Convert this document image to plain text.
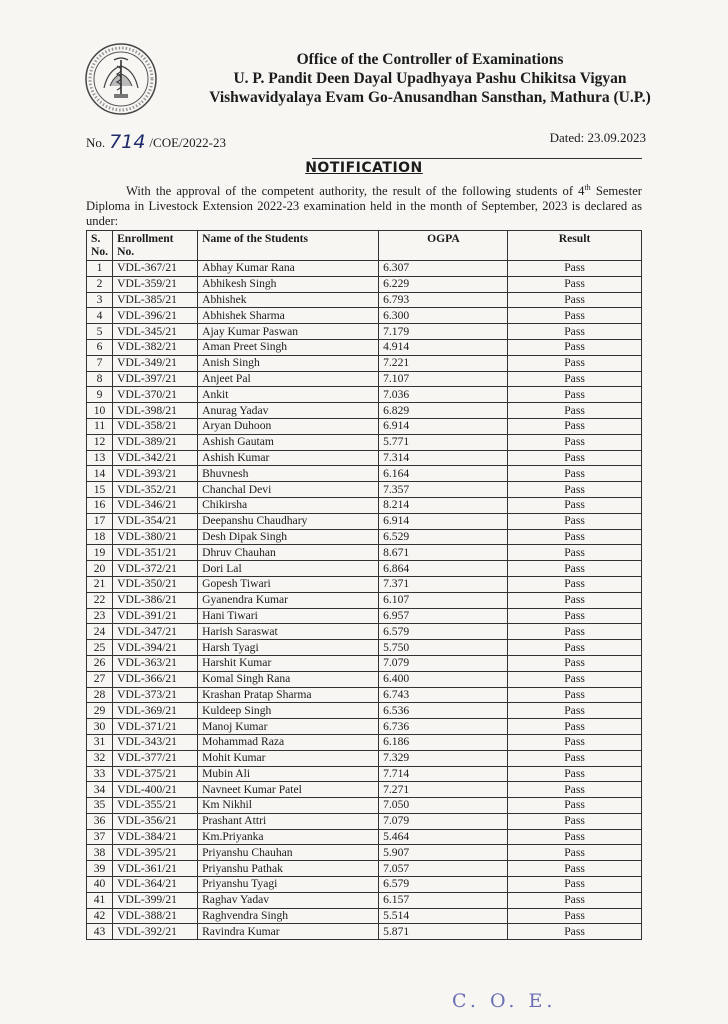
Office of the Controller of Examinations
U. P. Pandit Deen Dayal Upadhyaya Pashu Chikitsa Vigyan
Vishwavidyalaya Evam Go-Anusandhan Sansthan, Mathura (U.P.)
No. 714 /COE/2022-23	Dated: 23.09.2023
NOTIFICATION
With the approval of the competent authority, the result of the following students of 4th Semester Diploma in Livestock Extension 2022-23 examination held in the month of September, 2023 is declared as under:
S. No.	Enrollment No.	Name of the Students	OGPA	Result
1	VDL-367/21	Abhay Kumar Rana	6.307	Pass
2	VDL-359/21	Abhikesh Singh	6.229	Pass
3	VDL-385/21	Abhishek	6.793	Pass
4	VDL-396/21	Abhishek Sharma	6.300	Pass
5	VDL-345/21	Ajay Kumar Paswan	7.179	Pass
6	VDL-382/21	Aman Preet Singh	4.914	Pass
7	VDL-349/21	Anish Singh	7.221	Pass
8	VDL-397/21	Anjeet Pal	7.107	Pass
9	VDL-370/21	Ankit	7.036	Pass
10	VDL-398/21	Anurag Yadav	6.829	Pass
11	VDL-358/21	Aryan Duhoon	6.914	Pass
12	VDL-389/21	Ashish Gautam	5.771	Pass
13	VDL-342/21	Ashish Kumar	7.314	Pass
14	VDL-393/21	Bhuvnesh	6.164	Pass
15	VDL-352/21	Chanchal Devi	7.357	Pass
16	VDL-346/21	Chikirsha	8.214	Pass
17	VDL-354/21	Deepanshu Chaudhary	6.914	Pass
18	VDL-380/21	Desh Dipak Singh	6.529	Pass
19	VDL-351/21	Dhruv Chauhan	8.671	Pass
20	VDL-372/21	Dori Lal	6.864	Pass
21	VDL-350/21	Gopesh Tiwari	7.371	Pass
22	VDL-386/21	Gyanendra Kumar	6.107	Pass
23	VDL-391/21	Hani Tiwari	6.957	Pass
24	VDL-347/21	Harish Saraswat	6.579	Pass
25	VDL-394/21	Harsh Tyagi	5.750	Pass
26	VDL-363/21	Harshit Kumar	7.079	Pass
27	VDL-366/21	Komal Singh Rana	6.400	Pass
28	VDL-373/21	Krashan Pratap Sharma	6.743	Pass
29	VDL-369/21	Kuldeep Singh	6.536	Pass
30	VDL-371/21	Manoj Kumar	6.736	Pass
31	VDL-343/21	Mohammad Raza	6.186	Pass
32	VDL-377/21	Mohit Kumar	7.329	Pass
33	VDL-375/21	Mubin Ali	7.714	Pass
34	VDL-400/21	Navneet Kumar Patel	7.271	Pass
35	VDL-355/21	Km Nikhil	7.050	Pass
36	VDL-356/21	Prashant Attri	7.079	Pass
37	VDL-384/21	Km.Priyanka	5.464	Pass
38	VDL-395/21	Priyanshu Chauhan	5.907	Pass
39	VDL-361/21	Priyanshu Pathak	7.057	Pass
40	VDL-364/21	Priyanshu Tyagi	6.579	Pass
41	VDL-399/21	Raghav Yadav	6.157	Pass
42	VDL-388/21	Raghvendra Singh	5.514	Pass
43	VDL-392/21	Ravindra Kumar	5.871	Pass
C. O. E.
